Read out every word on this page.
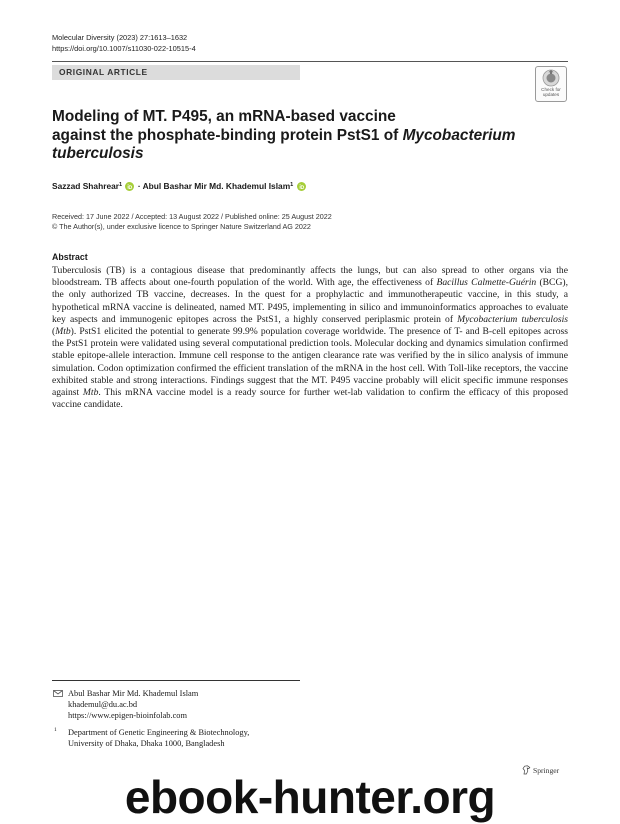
Molecular Diversity (2023) 27:1613–1632
https://doi.org/10.1007/s11030-022-10515-4
ORIGINAL ARTICLE
Check for
updates
Modeling of MT. P495, an mRNA-based vaccine
against the phosphate-binding protein PstS1 of Mycobacterium
tuberculosis
Sazzad Shahrear$^1$  · Abul Bashar Mir Md. Khademul Islam$^1$
Received: 17 June 2022 / Accepted: 13 August 2022 / Published online: 25 August 2022
© The Author(s), under exclusive licence to Springer Nature Switzerland AG 2022
Abstract
Tuberculosis (TB) is a contagious disease that predominantly affects the lungs, but can also spread to other organs via the bloodstream. TB affects about one-fourth population of the world. With age, the effectiveness of Bacillus Calmette-Guérin (BCG), the only authorized TB vaccine, decreases. In the quest for a prophylactic and immunotherapeutic vaccine, in this study, a hypothetical mRNA vaccine is delineated, named MT. P495, implementing in silico and immunoinformatics approaches to evaluate key aspects and immunogenic epitopes across the PstS1, a highly conserved periplasmic protein of Mycobacterium tuberculosis (Mtb). PstS1 elicited the potential to generate 99.9% population coverage worldwide. The presence of T- and B-cell epitopes across the PstS1 protein were validated using several computational prediction tools. Molecular docking and dynamics simulation confirmed stable epitope-allele interaction. Immune cell response to the antigen clearance rate was verified by the in silico analysis of immune simulation. Codon optimization confirmed the efficient translation of the mRNA in the host cell. With Toll-like receptors, the vaccine exhibited stable and strong interactions. Findings suggest that the MT. P495 vaccine probably will elicit specific immune responses against Mtb. This mRNA vaccine model is a ready source for further wet-lab validation to confirm the efficacy of this proposed vaccine candidate.
Abul Bashar Mir Md. Khademul Islam
khademul@du.ac.bd
https://www.epigen-bioinfolab.com
1	Department of Genetic Engineering & Biotechnology,
University of Dhaka, Dhaka 1000, Bangladesh
Springer
ebook-hunter.org
